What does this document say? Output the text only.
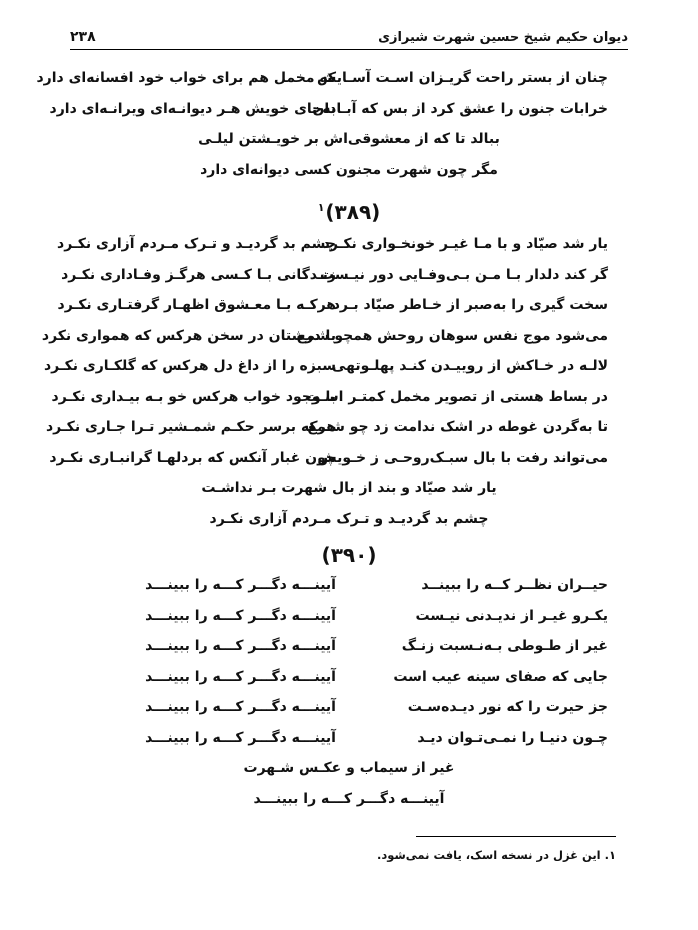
دیوان حکیم شیخ حسین شهرت شیرازی
۲۳۸
چنان از بستر راحت گریـزان اسـت آسـایش
که مخمل هم برای خواب خود افسانه‌ای دارد
خرابات جنون را عشق کرد از بس که آبـادان
به‌جای خویش هـر دیوانـه‌ای ویرانـه‌ای دارد
ببالد تا که از معشوقی‌اش بر خویـشتن لیلـی
مگر چون شهرت مجنون کسی دیوانه‌ای دارد
(۳۸۹)$^۱$
یار شد صیّاد و با مـا غیـر خونخـواری نکـرد
چشم بد گردیـد و تـرک مـردم آزاری نکـرد
گر کند دلدار بـا مـن بـی‌وفـایی دور نیـست
زنـدگانی بـا کـسی هرگـز وفـاداری نکـرد
سخت گیری را به‌صبر از خـاطر صیّاد بـرد
هرکـه بـا معـشوق اظهـار گرفتـاری نکـرد
می‌شود موج نفس سوهان روحش همچو شمع
با درشتان در سخن هرکس که همواری نکرد
لالـه در خـاکش از روییـدن کنـد پهلـوتهی
سبزه را از داغ دل هرکس که گلکـاری نکـرد
در بساط هستی از تصویر مخمل کمتـر اسـت
با وجود خواب هرکس خو بـه بیـداری نکـرد
تا به‌گردن غوطه در اشک ندامت زد چو شـمع
هرکه برسر حکـم شمـشیر تـرا جـاری نکـرد
می‌تواند رفت با بال سبـک‌روحـی ز خـویش
چون غبار آنکس که بردلهـا گرانبـاری نکـرد
یار شد صیّاد و بند از بال شهرت بـر نداشـت
چشم بد گردیـد و تـرک مـردم آزاری نکـرد
(۳۹۰)
حیــران نظــر کــه را ببینــد
آیینـــه دگـــر کـــه را ببینـــد
یکـرو غیـر از ندیـدنی نیـست
آیینـــه دگـــر کـــه را ببینـــد
غیر از طـوطی بـه‌نـسبت زنـگ
آیینـــه دگـــر کـــه را ببینـــد
جایی که صفای سینه عیب است
آیینـــه دگـــر کـــه را ببینـــد
جز حیرت را که نور دیـده‌سـت
آیینـــه دگـــر کـــه را ببینـــد
چـون دنیـا را نمـی‌تـوان دیـد
آیینـــه دگـــر کـــه را ببینـــد
غیر از سیماب و عکـس شـهرت
آیینـــه دگـــر کـــه را ببینـــد
۱. این غزل در نسخه اسک، یافت نمی‌شود.
